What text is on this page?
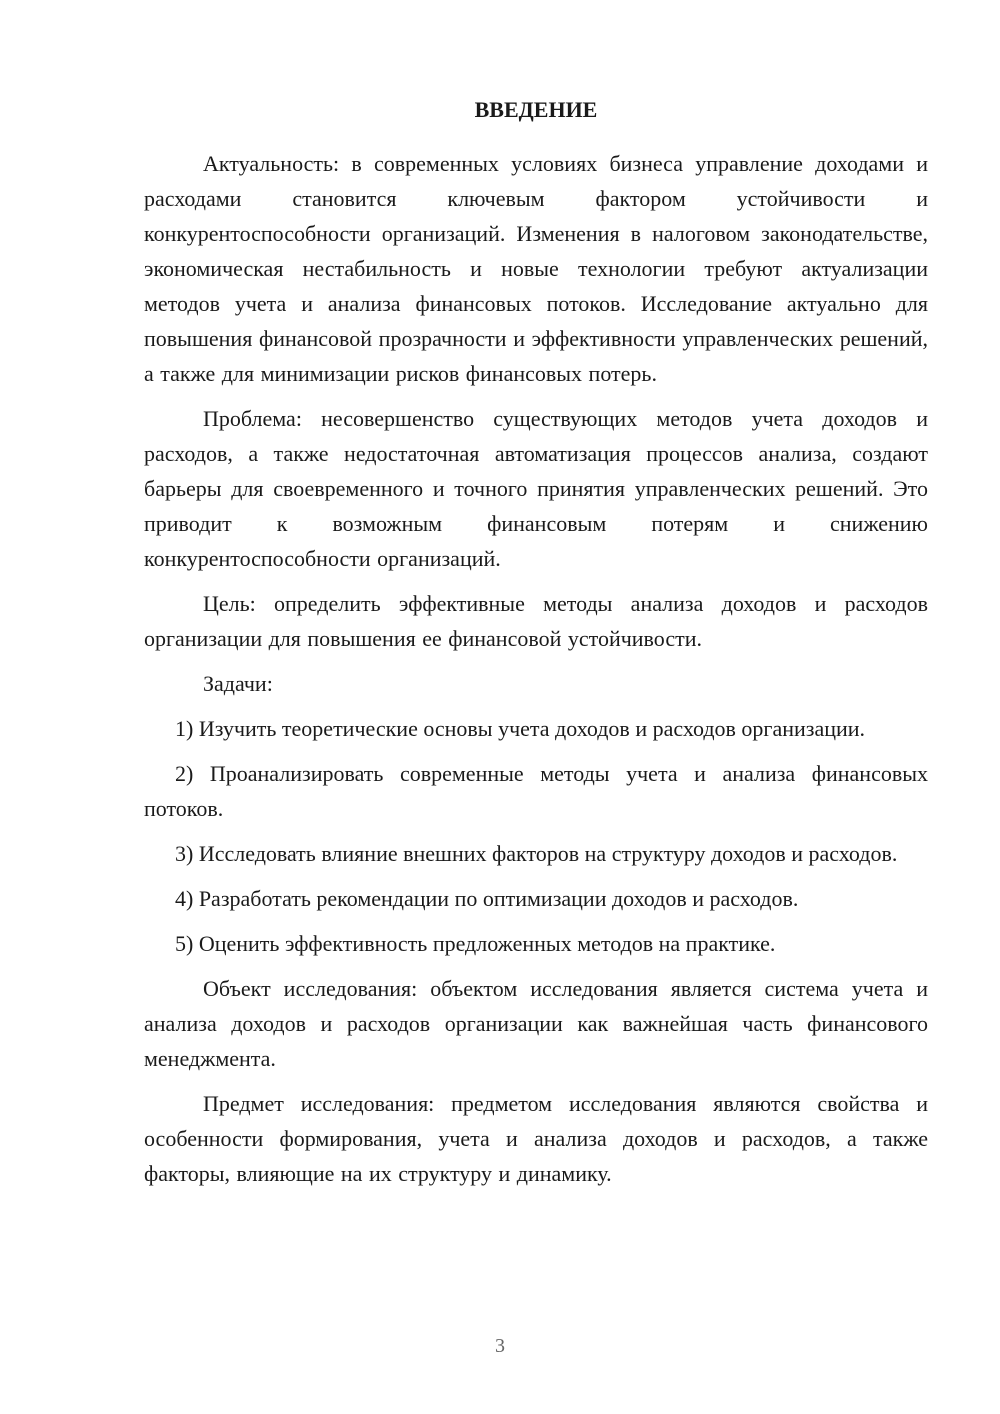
ВВЕДЕНИЕ

Актуальность: в современных условиях бизнеса управление доходами и расходами становится ключевым фактором устойчивости и конкурентоспособности организаций. Изменения в налоговом законодательстве, экономическая нестабильность и новые технологии требуют актуализации методов учета и анализа финансовых потоков. Исследование актуально для повышения финансовой прозрачности и эффективности управленческих решений, а также для минимизации рисков финансовых потерь.

Проблема: несовершенство существующих методов учета доходов и расходов, а также недостаточная автоматизация процессов анализа, создают барьеры для своевременного и точного принятия управленческих решений. Это приводит к возможным финансовым потерям и снижению конкурентоспособности организаций.

Цель: определить эффективные методы анализа доходов и расходов организации для повышения ее финансовой устойчивости.

Задачи:

1) Изучить теоретические основы учета доходов и расходов организации.

2) Проанализировать современные методы учета и анализа финансовых потоков.

3) Исследовать влияние внешних факторов на структуру доходов и расходов.

4) Разработать рекомендации по оптимизации доходов и расходов.

5) Оценить эффективность предложенных методов на практике.

Объект исследования: объектом исследования является система учета и анализа доходов и расходов организации как важнейшая часть финансового менеджмента.

Предмет исследования: предметом исследования являются свойства и особенности формирования, учета и анализа доходов и расходов, а также факторы, влияющие на их структуру и динамику.

3
